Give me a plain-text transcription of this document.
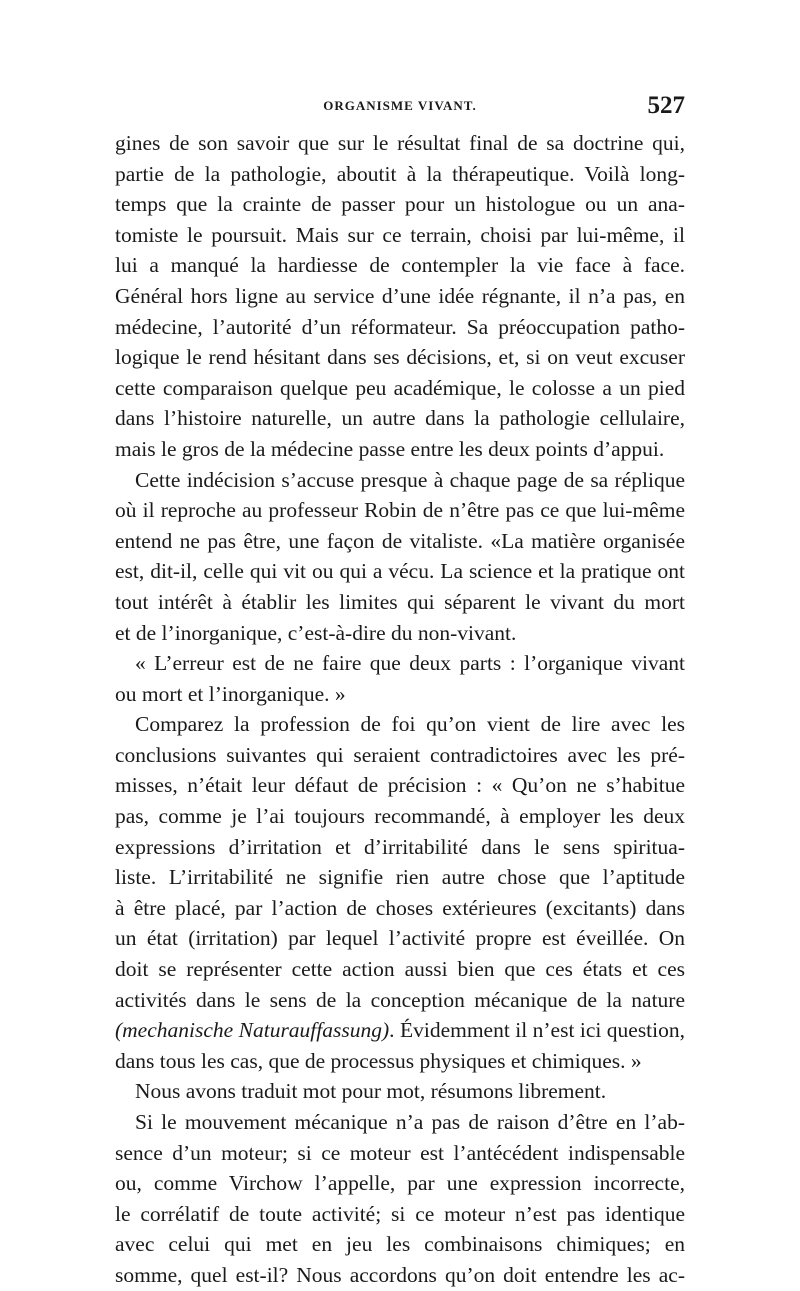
ORGANISME VIVANT.	527
gines de son savoir que sur le résultat final de sa doctrine qui,
partie de la pathologie, aboutit à la thérapeutique. Voilà long-
temps que la crainte de passer pour un histologue ou un ana-
tomiste le poursuit. Mais sur ce terrain, choisi par lui-même, il
lui a manqué la hardiesse de contempler la vie face à face.
Général hors ligne au service d’une idée régnante, il n’a pas, en
médecine, l’autorité d’un réformateur. Sa préoccupation patho-
logique le rend hésitant dans ses décisions, et, si on veut excuser
cette comparaison quelque peu académique, le colosse a un pied
dans l’histoire naturelle, un autre dans la pathologie cellulaire,
mais le gros de la médecine passe entre les deux points d’appui.
Cette indécision s’accuse presque à chaque page de sa réplique
où il reproche au professeur Robin de n’être pas ce que lui-même
entend ne pas être, une façon de vitaliste. «La matière organisée
est, dit-il, celle qui vit ou qui a vécu. La science et la pratique ont
tout intérêt à établir les limites qui séparent le vivant du mort
et de l’inorganique, c’est-à-dire du non-vivant.
« L’erreur est de ne faire que deux parts : l’organique vivant
ou mort et l’inorganique. »
Comparez la profession de foi qu’on vient de lire avec les
conclusions suivantes qui seraient contradictoires avec les pré-
misses, n’était leur défaut de précision : « Qu’on ne s’habitue
pas, comme je l’ai toujours recommandé, à employer les deux
expressions d’irritation et d’irritabilité dans le sens spiritua-
liste. L’irritabilité ne signifie rien autre chose que l’aptitude
à être placé, par l’action de choses extérieures (excitants) dans
un état (irritation) par lequel l’activité propre est éveillée. On
doit se représenter cette action aussi bien que ces états et ces
activités dans le sens de la conception mécanique de la nature
(mechanische Naturauffassung). Évidemment il n’est ici question,
dans tous les cas, que de processus physiques et chimiques. »
Nous avons traduit mot pour mot, résumons librement.
Si le mouvement mécanique n’a pas de raison d’être en l’ab-
sence d’un moteur; si ce moteur est l’antécédent indispensable
ou, comme Virchow l’appelle, par une expression incorrecte,
le corrélatif de toute activité; si ce moteur n’est pas identique
avec celui qui met en jeu les combinaisons chimiques; en
somme, quel est-il? Nous accordons qu’on doit entendre les ac-
